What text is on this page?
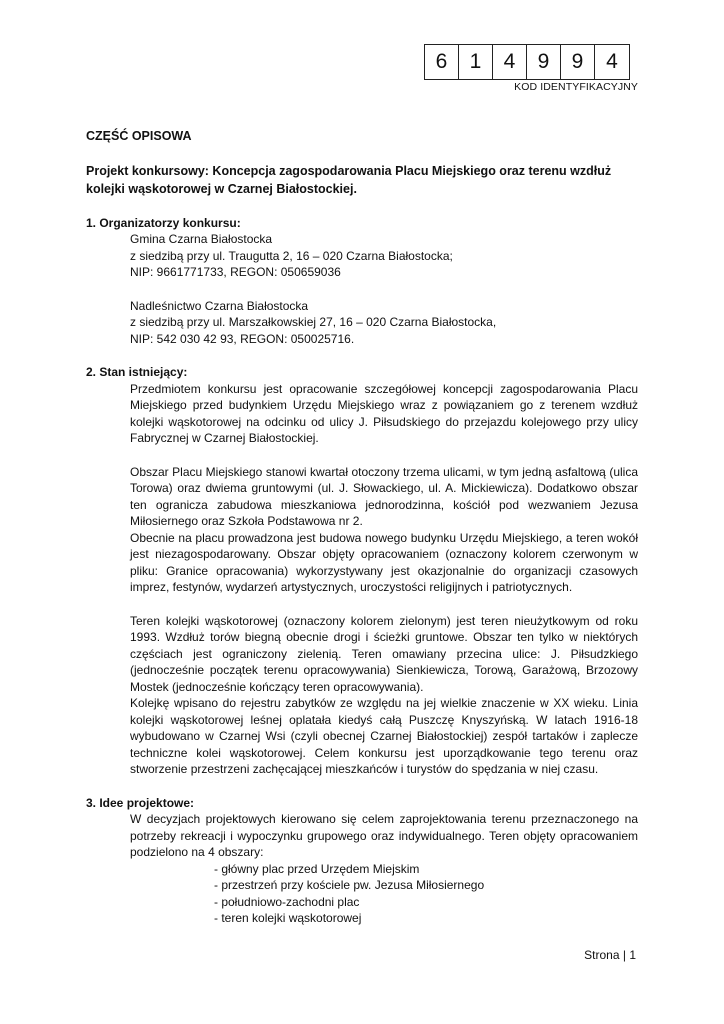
6	1	4	9	9	4
KOD IDENTYFIKACYJNY

CZĘŚĆ OPISOWA

Projekt konkursowy: Koncepcja zagospodarowania Placu Miejskiego oraz terenu wzdłuż kolejki wąskotorowej w Czarnej Białostockiej.

1. Organizatorzy konkursu:

Gmina Czarna Białostocka
z siedzibą przy ul. Traugutta 2, 16 – 020 Czarna Białostocka;
NIP: 9661771733, REGON: 050659036
Nadleśnictwo Czarna Białostocka
z siedzibą przy ul. Marszałkowskiej 27, 16 – 020 Czarna Białostocka,
NIP: 542 030 42 93, REGON: 050025716.

2. Stan istniejący:

Przedmiotem konkursu jest opracowanie szczegółowej koncepcji zagospodarowania Placu Miejskiego przed budynkiem Urzędu Miejskiego wraz z powiązaniem go z terenem wzdłuż kolejki wąskotorowej na odcinku od ulicy J. Piłsudskiego do przejazdu kolejowego przy ulicy Fabrycznej w Czarnej Białostockiej.

Obszar Placu Miejskiego stanowi kwartał otoczony trzema ulicami, w tym jedną asfaltową (ulica Torowa) oraz dwiema gruntowymi (ul. J. Słowackiego, ul. A. Mickiewicza). Dodatkowo obszar ten ogranicza zabudowa mieszkaniowa jednorodzinna, kościół pod wezwaniem Jezusa Miłosiernego oraz Szkoła Podstawowa nr 2.

Obecnie na placu prowadzona jest budowa nowego budynku Urzędu Miejskiego, a teren wokół jest niezagospodarowany. Obszar objęty opracowaniem (oznaczony kolorem czerwonym w pliku: Granice opracowania) wykorzystywany jest okazjonalnie do organizacji czasowych imprez, festynów, wydarzeń artystycznych, uroczystości religijnych i patriotycznych.

Teren kolejki wąskotorowej (oznaczony kolorem zielonym) jest teren nieużytkowym od roku 1993. Wzdłuż torów biegną obecnie drogi i ścieżki gruntowe. Obszar ten tylko w niektórych częściach jest ograniczony zielenią. Teren omawiany przecina ulice: J. Piłsudzkiego (jednocześnie początek terenu opracowywania) Sienkiewicza, Torową, Garażową, Brzozowy Mostek (jednocześnie kończący teren opracowywania).

Kolejkę wpisano do rejestru zabytków ze względu na jej wielkie znaczenie w XX wieku. Linia kolejki wąskotorowej leśnej oplatała kiedyś całą Puszczę Knyszyńską. W latach 1916-18 wybudowano w Czarnej Wsi (czyli obecnej Czarnej Białostockiej) zespół tartaków i zaplecze techniczne kolei wąskotorowej. Celem konkursu jest uporządkowanie tego terenu oraz stworzenie przestrzeni zachęcającej mieszkańców i turystów do spędzania w niej czasu.

3. Idee projektowe:

W decyzjach projektowych kierowano się celem zaprojektowania terenu przeznaczonego na potrzeby rekreacji i wypoczynku grupowego oraz indywidualnego. Teren objęty opracowaniem podzielono na 4 obszary:

- główny plac przed Urzędem Miejskim
- przestrzeń przy kościele pw. Jezusa Miłosiernego
- południowo-zachodni plac
- teren kolejki wąskotorowej
Strona | 1
